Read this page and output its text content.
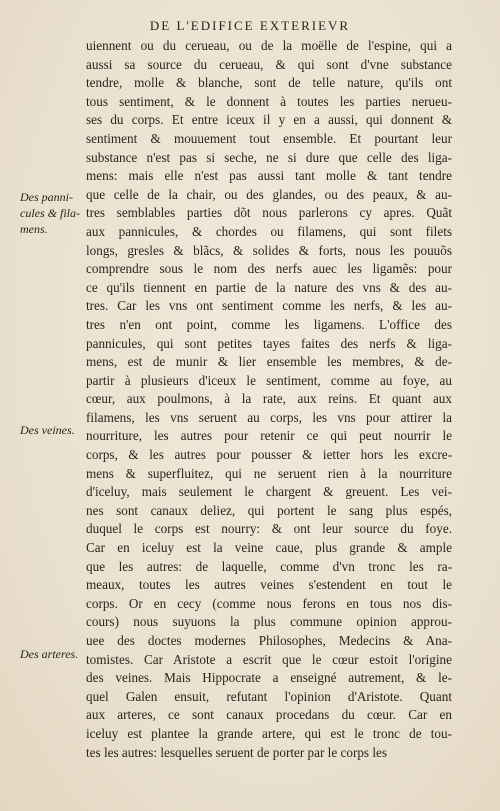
DE L'EDIFICE EXTERIEVR
uiennent ou du cerueau, ou de la moëlle de l'espine, qui a
aussi sa source du cerueau, & qui sont d'vne substance
tendre, molle & blanche, sont de telle nature, qu'ils ont
tous sentiment, & le donnent à toutes les parties nerueu-
ses du corps. Et entre iceux il y en a aussi, qui donnent &
sentiment & mouuement tout ensemble. Et pourtant leur
substance n'est pas si seche, ne si dure que celle des liga-
mens: mais elle n'est pas aussi tant molle & tant tendre
que celle de la chair, ou des glandes, ou des peaux, & au-
tres semblables parties dõt nous parlerons cy apres. Quãt
aux pannicules, & chordes ou filamens, qui sont filets
longs, gresles & blãcs, & solides & forts, nous les pouuõs
comprendre sous le nom des nerfs auec les ligamẽs: pour
ce qu'ils tiennent en partie de la nature des vns & des au-
tres. Car les vns ont sentiment comme les nerfs, & les au-
tres n'en ont point, comme les ligamens. L'office des
pannicules, qui sont petites tayes faites des nerfs & liga-
mens, est de munir & lier ensemble les membres, & de-
partir à plusieurs d'iceux le sentiment, comme au foye, au
cœur, aux poulmons, à la rate, aux reins. Et quant aux
filamens, les vns seruent au corps, les vns pour attirer la
nourriture, les autres pour retenir ce qui peut nourrir le
corps, & les autres pour pousser & ietter hors les excre-
mens & superfluitez, qui ne seruent rien à la nourriture
d'iceluy, mais seulement le chargent & greuent. Les vei-
nes sont canaux deliez, qui portent le sang plus espés,
duquel le corps est nourry: & ont leur source du foye.
Car en iceluy est la veine caue, plus grande & ample
que les autres: de laquelle, comme d'vn tronc les ra-
meaux, toutes les autres veines s'estendent en tout le
corps. Or en cecy (comme nous ferons en tous nos dis-
cours) nous suyuons la plus commune opinion approu-
uee des doctes modernes Philosophes, Medecins & Ana-
tomistes. Car Aristote a escrit que le cœur estoit l'origine
des veines. Mais Hippocrate a enseigné autrement, & le-
quel Galen ensuit, refutant l'opinion d'Aristote. Quant
aux arteres, ce sont canaux procedans du cœur. Car en
iceluy est plantee la grande artere, qui est le tronc de tou-
tes les autres: lesquelles seruent de porter par le corps les
Des panni-
cules & fila-
mens.
Des veines.
Des arteres.
